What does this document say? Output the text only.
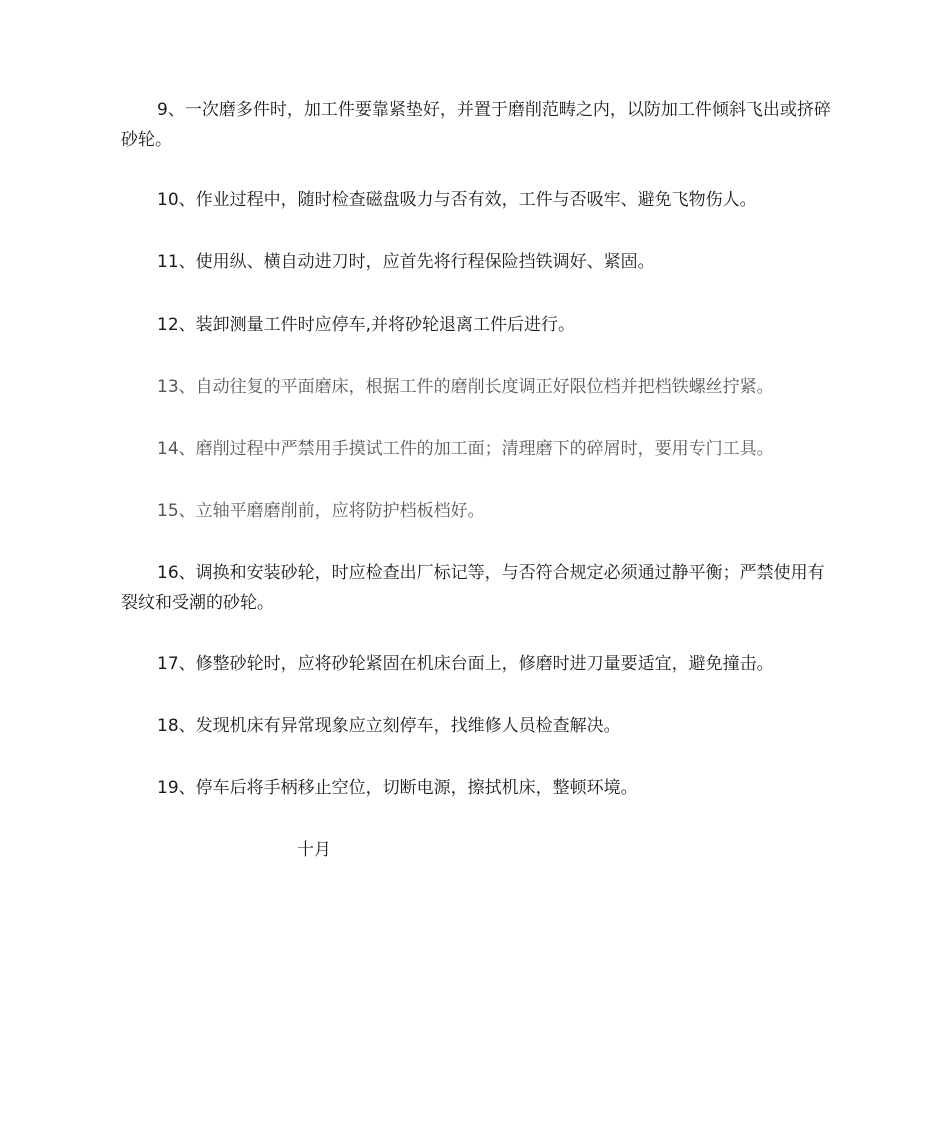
9、一次磨多件时，加工件要靠紧垫好，并置于磨削范畴之内，以防加工件倾斜飞出或挤碎砂轮。

10、作业过程中，随时检查磁盘吸力与否有效，工件与否吸牢、避免飞物伤人。

11、使用纵、横自动进刀时，应首先将行程保险挡铁调好、紧固。

12、装卸测量工件时应停车,并将砂轮退离工件后进行。

13、自动往复的平面磨床，根据工件的磨削长度调正好限位档并把档铁螺丝拧紧。

14、磨削过程中严禁用手摸试工件的加工面；清理磨下的碎屑时，要用专门工具。

15、立轴平磨磨削前，应将防护档板档好。

16、调换和安装砂轮，时应检查出厂标记等，与否符合规定必须通过静平衡；严禁使用有裂纹和受潮的砂轮。

17、修整砂轮时，应将砂轮紧固在机床台面上，修磨时进刀量要适宜，避免撞击。

18、发现机床有异常现象应立刻停车，找维修人员检查解决。

19、停车后将手柄移止空位，切断电源，擦拭机床，整顿环境。

十月
